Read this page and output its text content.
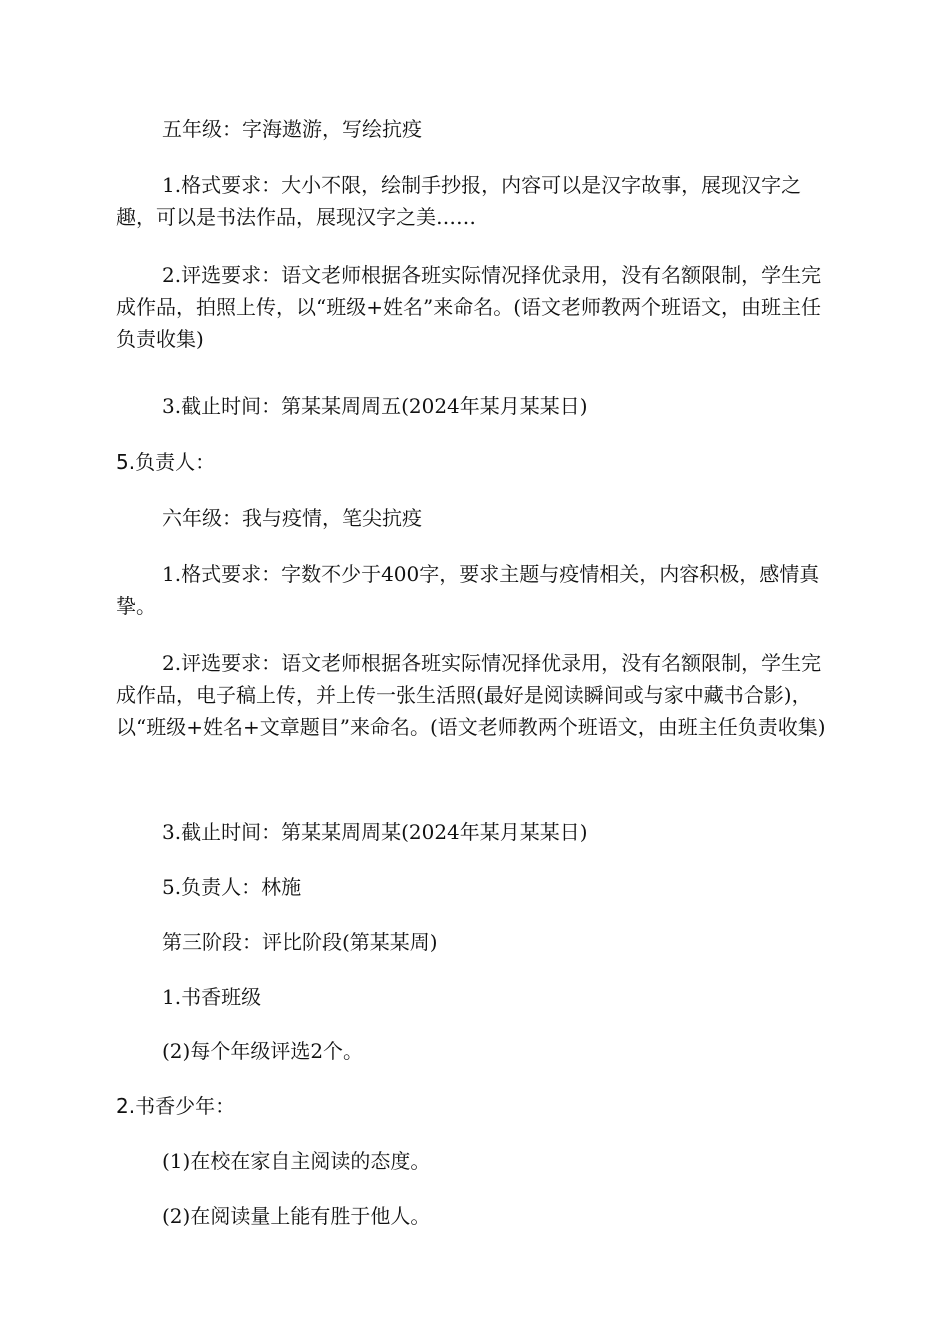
五年级：字海遨游，写绘抗疫

1.格式要求：大小不限，绘制手抄报，内容可以是汉字故事，展现汉字之趣，可以是书法作品，展现汉字之美……

2.评选要求：语文老师根据各班实际情况择优录用，没有名额限制，学生完成作品，拍照上传，以“班级+姓名”来命名。(语文老师教两个班语文，由班主任负责收集)

3.截止时间：第某某周周五(2024年某月某某日)

5.负责人：

六年级：我与疫情，笔尖抗疫

1.格式要求：字数不少于400字，要求主题与疫情相关，内容积极，感情真挚。

2.评选要求：语文老师根据各班实际情况择优录用，没有名额限制，学生完成作品，电子稿上传，并上传一张生活照(最好是阅读瞬间或与家中藏书合影)，以“班级+姓名+文章题目”来命名。(语文老师教两个班语文，由班主任负责收集)

3.截止时间：第某某周周某(2024年某月某某日)

5.负责人：林施

第三阶段：评比阶段(第某某周)

1.书香班级

(2)每个年级评选2个。

2.书香少年：

(1)在校在家自主阅读的态度。

(2)在阅读量上能有胜于他人。
